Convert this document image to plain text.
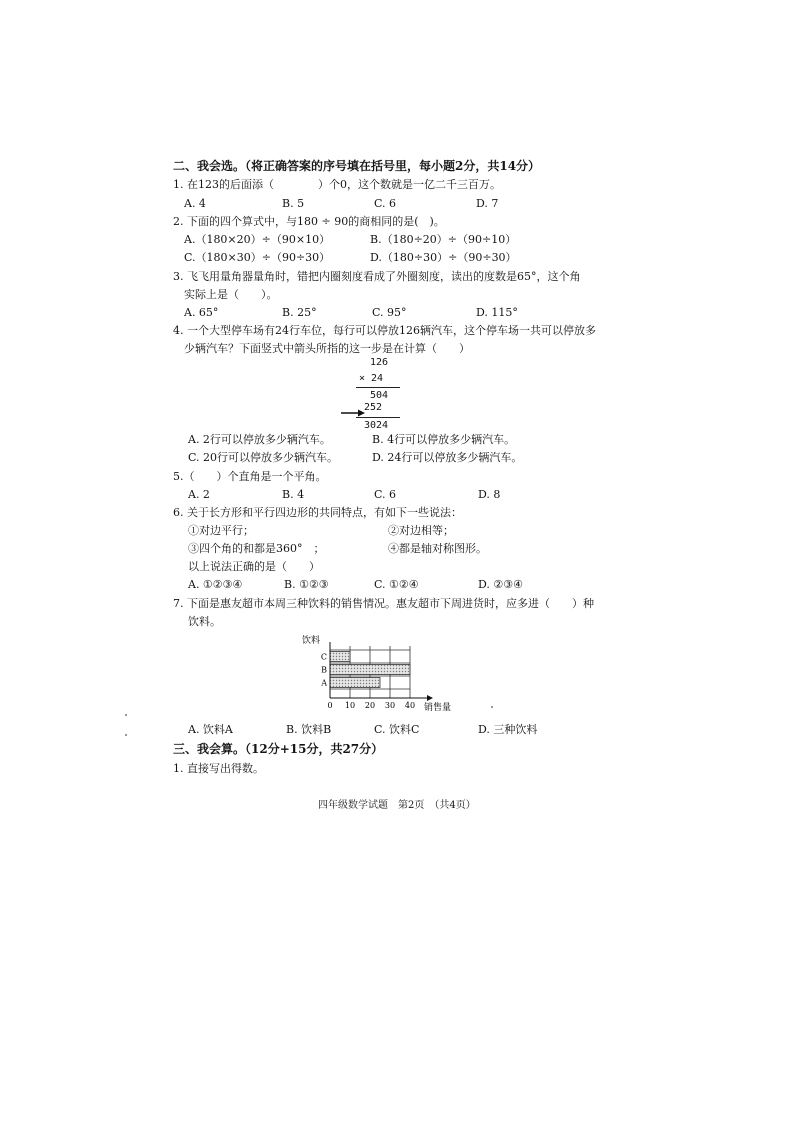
二、我会选。（将正确答案的序号填在括号里，每小题2分，共14分）
1. 在123的后面添（　　　　）个0，这个数就是一亿二千三百万。
A. 4	B. 5	C. 6	D. 7
2. 下面的四个算式中，与180 ÷ 90的商相同的是(　)。
A.（180×20）÷（90×10）	B.（180÷20）÷（90÷10）
C.（180×30）÷（90÷30）	D.（180÷30）÷（90÷30）
3. 飞飞用量角器量角时，错把内圈刻度看成了外圈刻度，读出的度数是65°，这个角
实际上是（　　）。
A. 65°	B. 25°	C. 95°	D. 115°
4. 一个大型停车场有24行车位，每行可以停放126辆汽车，这个停车场一共可以停放多
少辆汽车？下面竖式中箭头所指的这一步是在计算（　　）
126
× 24
504
252
3024
A. 2行可以停放多少辆汽车。	B. 4行可以停放多少辆汽车。
C. 20行可以停放多少辆汽车。	D. 24行可以停放多少辆汽车。
5.（　　）个直角是一个平角。
A. 2	B. 4	C. 6	D. 8
6. 关于长方形和平行四边形的共同特点，有如下一些说法：
①对边平行；	②对边相等；
③四个角的和都是360°　；	④都是轴对称图形。
以上说法正确的是（　　）
A. ①②③④	B. ①②③	C. ①②④	D. ②③④
7. 下面是惠友超市本周三种饮料的销售情况。惠友超市下周进货时，应多进（　　）种
饮料。
C
B
A
0 10 20 30 40
饮料
销售量
A. 饮料A	B. 饮料B	C. 饮料C	D. 三种饮料
三、我会算。（12分+15分，共27分）
1. 直接写出得数。
四年级数学试题　第2页　（共4页）
